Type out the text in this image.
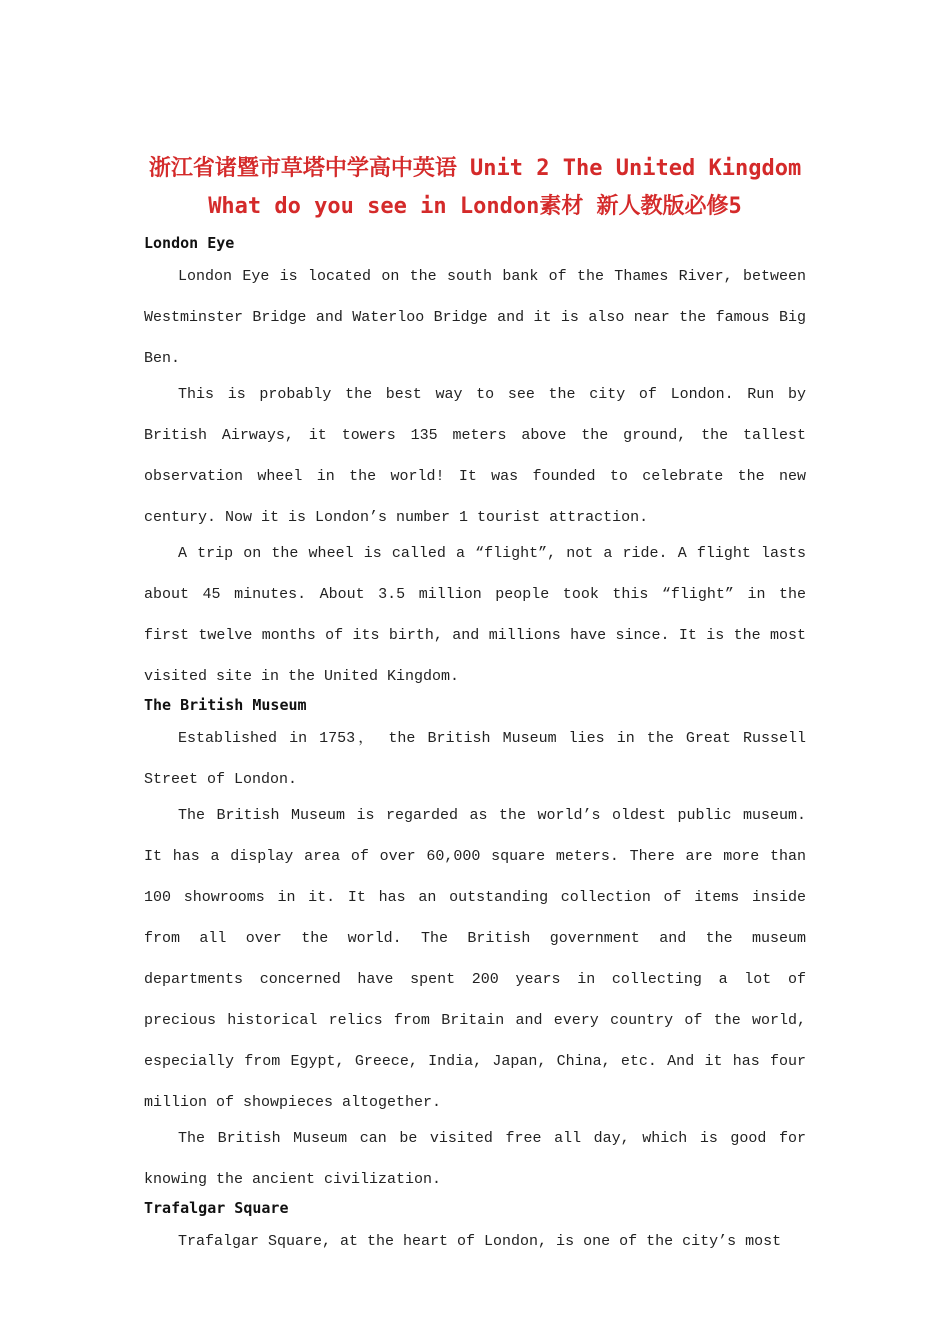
浙江省诸暨市草塔中学高中英语 Unit 2 The United Kingdom What do you see in London素材 新人教版必修5
London Eye

London Eye is located on the south bank of the Thames River, between Westminster Bridge and Waterloo Bridge and it is also near the famous Big Ben.

This is probably the best way to see the city of London. Run by British Airways, it towers 135 meters above the ground, the tallest observation wheel in the world! It was founded to celebrate the new century. Now it is London’s number 1 tourist attraction.

A trip on the wheel is called a “flight”, not a ride. A flight lasts about 45 minutes. About 3.5 million people took this “flight” in the first twelve months of its birth, and millions have since. It is the most visited site in the United Kingdom.

The British Museum

Established in 1753， the British Museum lies in the Great Russell Street of London.

The British Museum is regarded as the world’s oldest public museum. It has a display area of over 60,000 square meters. There are more than 100 showrooms in it. It has an outstanding collection of items inside from all over the world. The British government and the museum departments concerned have spent 200 years in collecting a lot of precious historical relics from Britain and every country of the world, especially from Egypt, Greece, India, Japan, China, etc. And it has four million of showpieces altogether.

The British Museum can be visited free all day, which is good for knowing the ancient civilization.

Trafalgar Square

Trafalgar Square, at the heart of London, is one of the city’s most
